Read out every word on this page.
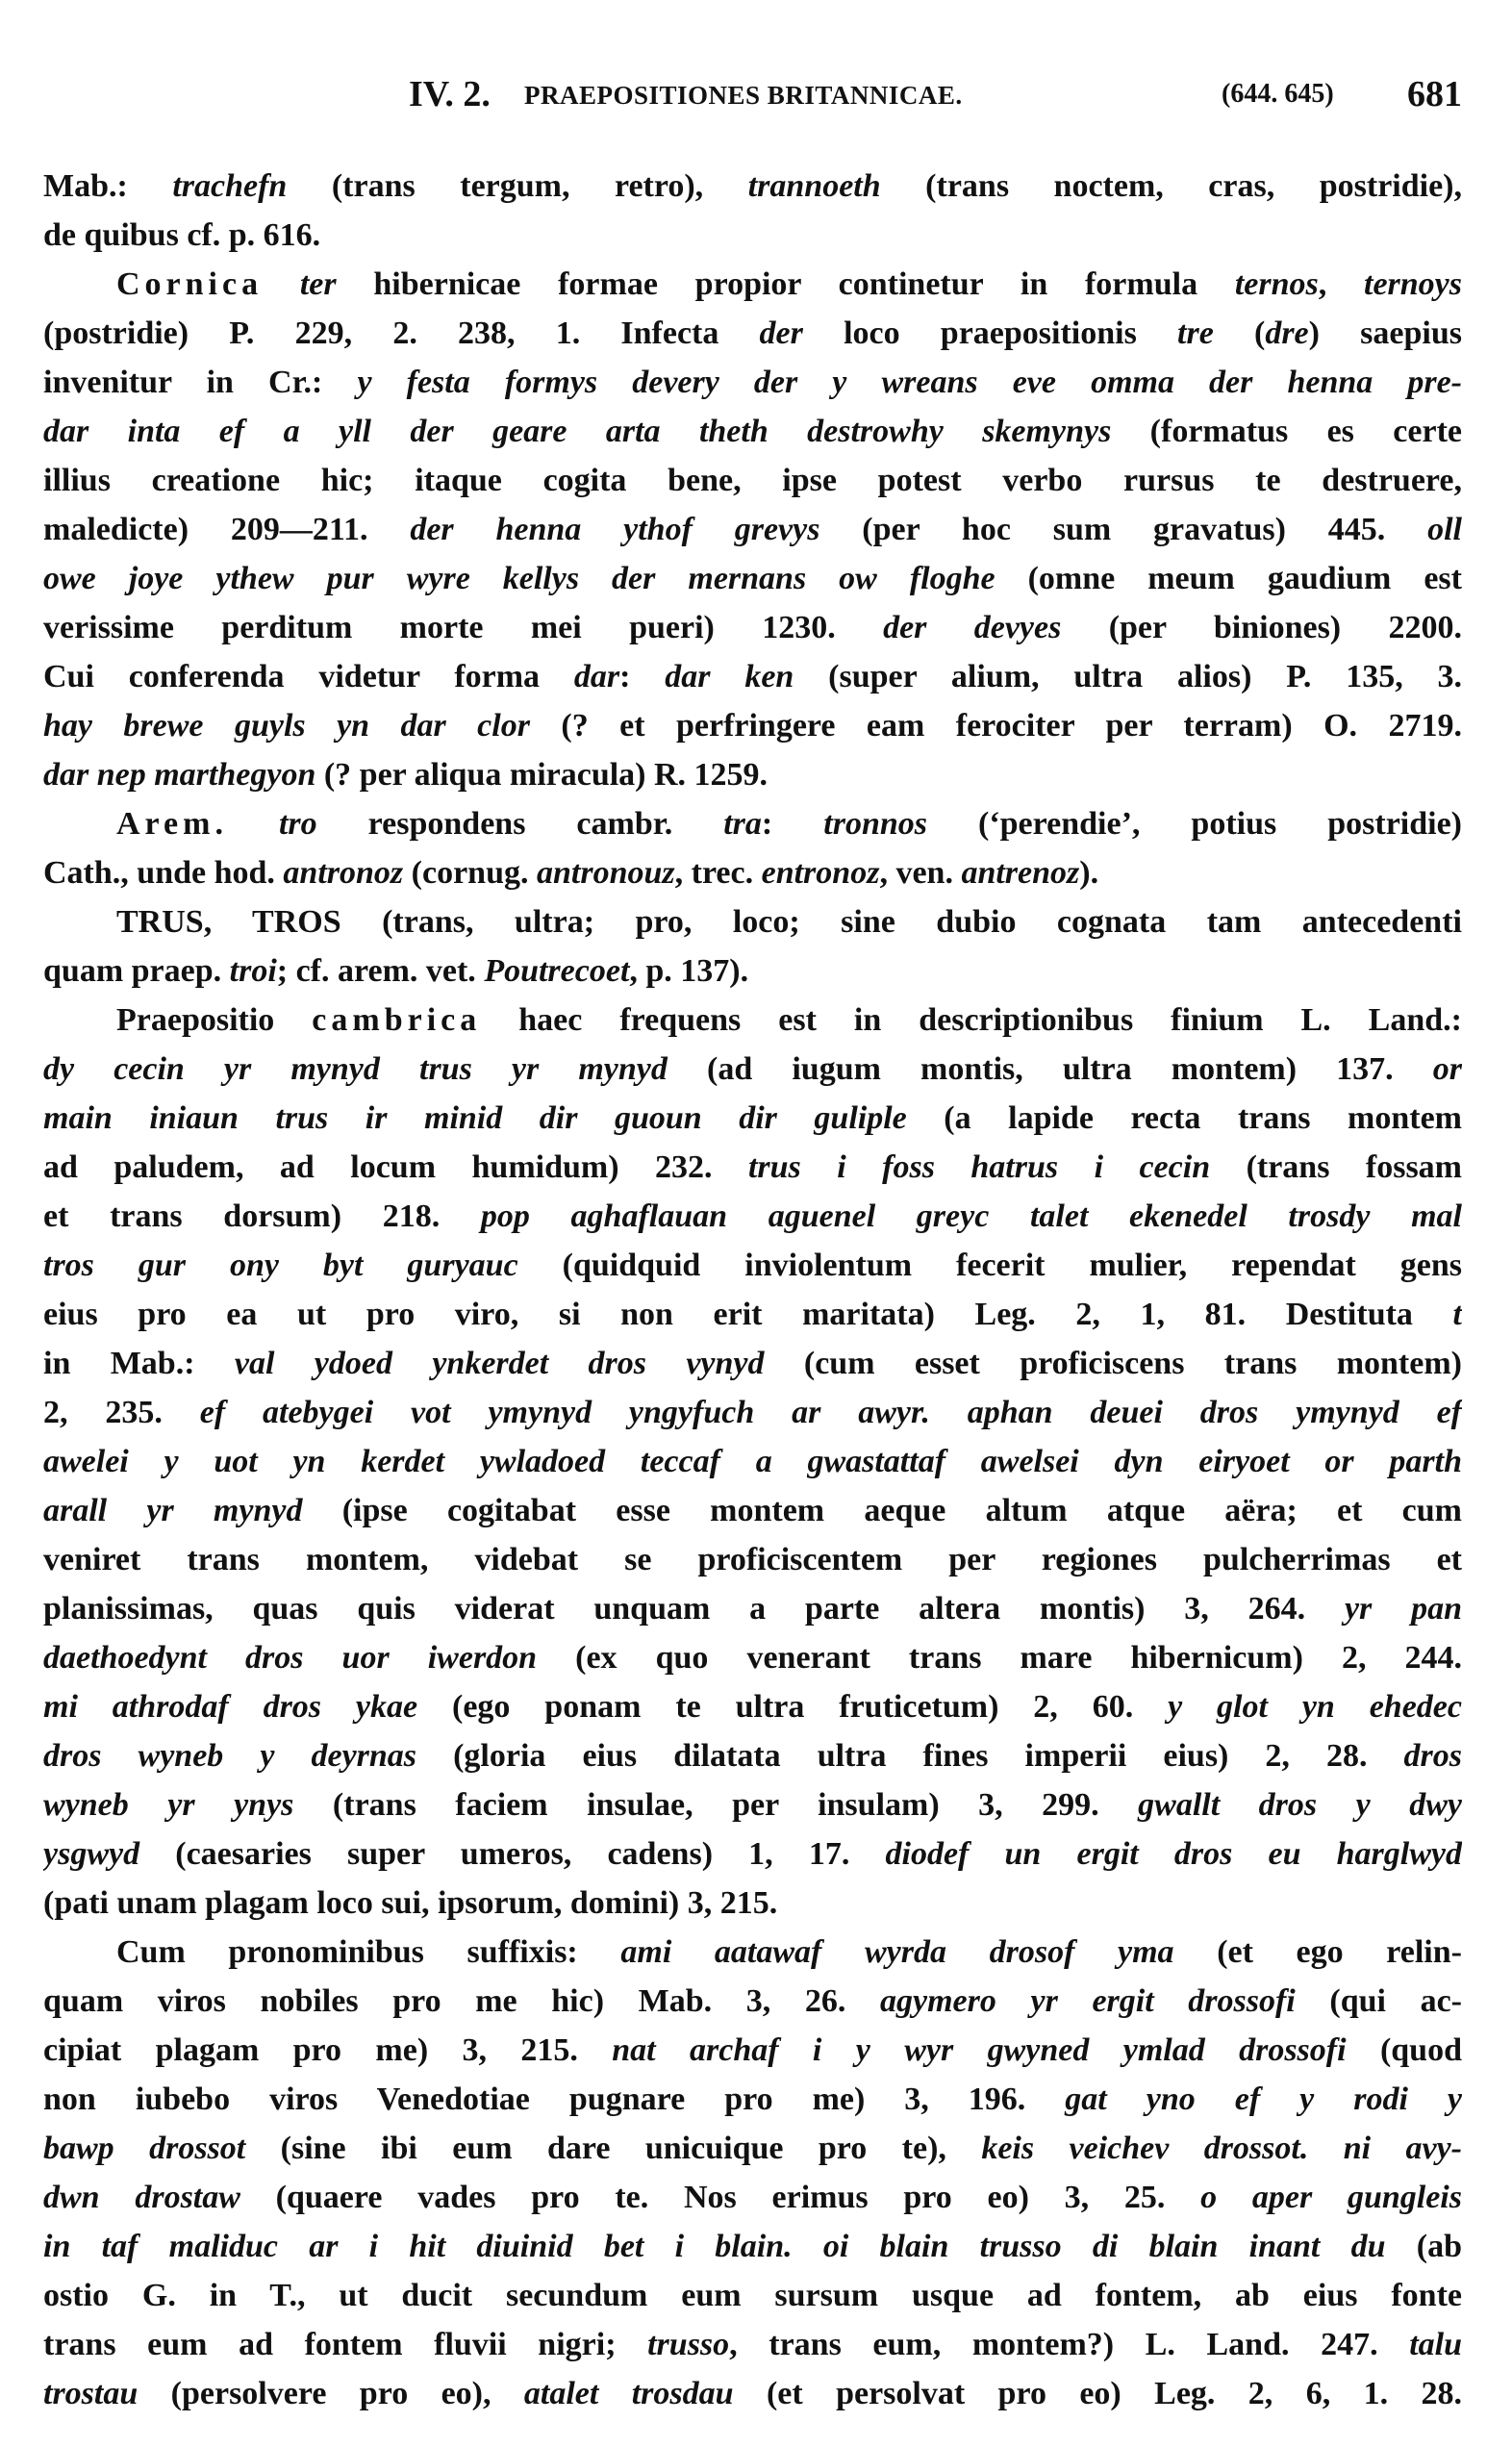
IV. 2. PRAEPOSITIONES BRITANNICAE.	(644. 645) 681
Mab.: trachefn (trans tergum, retro), trannoeth (trans noctem, cras, postridie),
de quibus cf. p. 616.
Cornica ter hibernicae formae propior continetur in formula ternos, ternoys
(postridie) P. 229, 2. 238, 1. Infecta der loco praepositionis tre (dre) saepius
invenitur in Cr.: y festa formys devery der y wreans eve omma der henna pre-
dar inta ef a yll der geare arta theth destrowhy skemynys (formatus es certe
illius creatione hic; itaque cogita bene, ipse potest verbo rursus te destruere,
maledicte) 209—211. der henna ythof grevys (per hoc sum gravatus) 445. oll
owe joye ythew pur wyre kellys der mernans ow floghe (omne meum gaudium est
verissime perditum morte mei pueri) 1230. der devyes (per biniones) 2200.
Cui conferenda videtur forma dar: dar ken (super alium, ultra alios) P. 135, 3.
hay brewe guyls yn dar clor (? et perfringere eam ferociter per terram) O. 2719.
dar nep marthegyon (? per aliqua miracula) R. 1259.
Arem. tro respondens cambr. tra: tronnos (‘perendie’, potius postridie)
Cath., unde hod. antronoz (cornug. antronouz, trec. entronoz, ven. antrenoz).
TRUS, TROS (trans, ultra; pro, loco; sine dubio cognata tam antecedenti
quam praep. troi; cf. arem. vet. Poutrecoet, p. 137).
Praepositio cambrica haec frequens est in descriptionibus finium L. Land.:
dy cecin yr mynyd trus yr mynyd (ad iugum montis, ultra montem) 137. or
main iniaun trus ir minid dir guoun dir guliple (a lapide recta trans montem
ad paludem, ad locum humidum) 232. trus i foss hatrus i cecin (trans fossam
et trans dorsum) 218. pop aghaflauan aguenel greyc talet ekenedel trosdy mal
tros gur ony byt guryauc (quidquid inviolentum fecerit mulier, rependat gens
eius pro ea ut pro viro, si non erit maritata) Leg. 2, 1, 81. Destituta t
in Mab.: val ydoed ynkerdet dros vynyd (cum esset proficiscens trans montem)
2, 235. ef atebygei vot ymynyd yngyfuch ar awyr. aphan deuei dros ymynyd ef
awelei y uot yn kerdet ywladoed teccaf a gwastattaf awelsei dyn eiryoet or parth
arall yr mynyd (ipse cogitabat esse montem aeque altum atque aëra; et cum
veniret trans montem, videbat se proficiscentem per regiones pulcherrimas et
planissimas, quas quis viderat unquam a parte altera montis) 3, 264. yr pan
daethoedynt dros uor iwerdon (ex quo venerant trans mare hibernicum) 2, 244.
mi athrodaf dros ykae (ego ponam te ultra fruticetum) 2, 60. y glot yn ehedec
dros wyneb y deyrnas (gloria eius dilatata ultra fines imperii eius) 2, 28. dros
wyneb yr ynys (trans faciem insulae, per insulam) 3, 299. gwallt dros y dwy
ysgwyd (caesaries super umeros, cadens) 1, 17. diodef un ergit dros eu harglwyd
(pati unam plagam loco sui, ipsorum, domini) 3, 215.
Cum pronominibus suffixis: ami aatawaf wyrda drosof yma (et ego relin-
quam viros nobiles pro me hic) Mab. 3, 26. agymero yr ergit drossofi (qui ac-
cipiat plagam pro me) 3, 215. nat archaf i y wyr gwyned ymlad drossofi (quod
non iubebo viros Venedotiae pugnare pro me) 3, 196. gat yno ef y rodi y
bawp drossot (sine ibi eum dare unicuique pro te), keis veichev drossot. ni avy-
dwn drostaw (quaere vades pro te. Nos erimus pro eo) 3, 25. o aper gungleis
in taf maliduc ar i hit diuinid bet i blain. oi blain trusso di blain inant du (ab
ostio G. in T., ut ducit secundum eum sursum usque ad fontem, ab eius fonte
trans eum ad fontem fluvii nigri; trusso, trans eum, montem?) L. Land. 247. talu
trostau (persolvere pro eo), atalet trosdau (et persolvat pro eo) Leg. 2, 6, 1. 28.
